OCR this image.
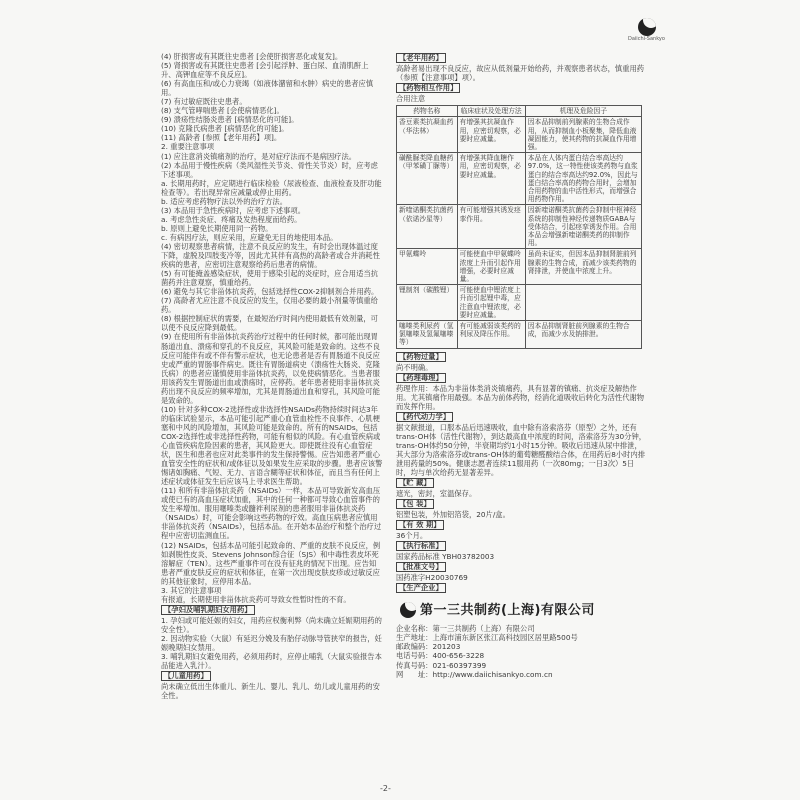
Daiichi-Sankyo

(4) 肝损害或有其既往史患者 [会使肝损害恶化或复发]。

(5) 肾损害或有其既往史患者 [会引起浮肿、蛋白尿、血清肌酐上升、高钾血症等不良反应]。

(6) 有高血压和/或心力衰竭（如液体潴留和水肿）病史的患者应慎用。

(7) 有过敏症既往史患者。

(8) 支气管哮喘患者 [会使病情恶化]。

(9) 溃疡性结肠炎患者 [病情恶化的可能]。

(10) 克隆氏病患者 [病情恶化的可能]。

(11) 高龄者 [参照【老年用药】项]。

2. 重要注意事项

(1) 应注意消炎镇痛剂的治疗，是对症疗法而不是病因疗法。

(2) 本品用于慢性疾病（类风湿性关节炎、骨性关节炎）时，应考虑下述事项。

a. 长期用药时，应定期进行临床检验（尿液检查、血液检查及肝功能检查等）。若出现异常应减量或停止用药。

b. 适应考虑药物疗法以外的治疗方法。

(3) 本品用于急性疾病时，应考虑下述事项。

a. 考虑急性炎症、疼痛及发热程度而给药。

b. 原则上避免长期使用同一药物。

c. 有病因疗法，则应采用，应避免无目的地使用本品。

(4) 密切观察患者病情，注意不良反应的发生，有时会出现体温过度下降，虚脱及四肢变冷等，因此尤其伴有高热的高龄者或合并消耗性疾病的患者，应密切注意观察给药后患者的病情。

(5) 有可能掩盖感染症状，使用于感染引起的炎症时，应合用适当抗菌药并注意观察，慎重给药。

(6) 避免与其它非甾体抗炎药，包括选择性COX-2抑制剂合并用药。

(7) 高龄者尤应注意不良反应的发生，仅用必要的最小剂量等慎重给药。

(8) 根据控制症状的需要，在最短治疗时间内使用最低有效剂量，可以使不良反应降到最低。

(9) 在使用所有非甾体抗炎药治疗过程中的任何时候，都可能出现胃肠道出血、溃疡和穿孔的不良反应，其风险可能是致命的。这些不良反应可能伴有或不伴有警示症状，也无论患者是否有胃肠道不良反应史或严重的胃肠事件病史。既往有胃肠道病史（溃疡性大肠炎、克隆氏病）的患者应谨慎使用非甾体抗炎药，以免使病情恶化。当患者服用该药发生胃肠道出血或溃疡时，应停药。老年患者使用非甾体抗炎药出现不良反应的频率增加，尤其是胃肠道出血和穿孔，其风险可能是致命的。

(10) 针对多种COX-2选择性或非选择性NSAIDs药物持续时间达3年的临床试验显示，本品可能引起严重心血管血栓性不良事件、心肌梗塞和中风的风险增加，其风险可能是致命的。所有的NSAIDs，包括COX-2选择性或非选择性药物，可能有相似的风险。有心血管疾病或心血管疾病危险因素的患者，其风险更大。即使既往没有心血管症状，医生和患者也应对此类事件的发生保持警惕。应告知患者严重心血管安全性的症状和/或体征以及如果发生应采取的步骤。患者应该警惕诸如胸痛、气短、无力、言语含糊等症状和体征，而且当有任何上述症状或体征发生后应该马上寻求医生帮助。

(11) 和所有非甾体抗炎药（NSAIDs）一样，本品可导致新发高血压或使已有的高血压症状加重，其中的任何一种都可导致心血管事件的发生率增加。服用噻嗪类或髓袢利尿剂的患者服用非甾体抗炎药（NSAIDs）时，可能会影响这些药物的疗效。高血压病患者应慎用非甾体抗炎药（NSAIDs），包括本品。在开始本品治疗和整个治疗过程中应密切监测血压。

(12) NSAIDs，包括本品可能引起致命的、严重的皮肤不良反应，例如剥脱性皮炎、Stevens Johnson综合征（SJS）和中毒性表皮坏死溶解症（TEN）。这些严重事件可在没有征兆的情况下出现。应告知患者严重皮肤反应的症状和体征，在第一次出现皮肤皮疹或过敏反应的其他征象时，应停用本品。

3. 其它的注意事项

有报道，长期使用非甾体抗炎药可导致女性暂时性的不育。

【孕妇及哺乳期妇女用药】

1. 孕妇或可能妊娠的妇女，用药应权衡利弊（尚未确立妊娠期用药的安全性）。

2. 因动物实验（大鼠）有延迟分娩及有胎仔动脉导管狭窄的报告，妊娠晚期妇女禁用。

3. 哺乳期妇女避免用药，必须用药时，应停止哺乳（大鼠实验报告本品能进入乳汁）。

【儿童用药】

尚未确立低出生体重儿、新生儿、婴儿、乳儿、幼儿或儿童用药的安全性。

【老年用药】

高龄者易出现不良反应，故应从低剂量开始给药，并观察患者状态，慎重用药（参照【注意事项】项）。

【药物相互作用】

合用注意

药物名称	临床症状及处理方法	机理及危险因子
香豆素类抗凝血药（华法林）	有增强其抗凝血作用，应密切观察，必要时应减量。	因本品抑制前列腺素的生物合成作用，从而抑制血小板聚集，降低血液凝固能力，使其药物的抗凝血作用增强。
磺酰脲类降血糖药（甲苯磺丁脲等）	有增强其降血糖作用，应密切观察，必要时应减量。	本品在人体内蛋白结合率高达约97.0%，这一特性使该类药物与血浆蛋白的结合率高达约92.0%，因此与蛋白结合率高的药物合用时，会增加合用药物的血中活性形式，而增强合用药物作用。
新喹诺酮类抗菌药（依诺沙星等）	有可能增强其诱发痉挛作用。	因新喹诺酮类抗菌药会抑制中枢神经系统的抑制性神经传递物质GABA与受体结合，引起痉挛诱发作用。合用本品会增强新喹诺酮类药的抑制作用。
甲氨蝶呤	可能使血中甲氨蝶呤浓度上升而引起作用增强，必要时应减量。	虽尚未证实，但因本品抑制肾脏前列腺素的生物合成，而减少该类药物的肾排泄，并使血中浓度上升。
锂制剂（碳酸锂）	可能使血中锂浓度上升而引起锂中毒，应注意血中锂浓度，必要时应减量。	
噻嗪类利尿药（氢氯噻嗪及氢氟噻嗪等）	有可能减弱该类药的利尿及降压作用。	因本品抑制肾脏前列腺素的生物合成，而减少水及钠排泄。
【药物过量】

尚不明确。

【药理毒理】

药理作用：本品为非甾体类消炎镇痛药，具有显著的镇痛、抗炎症及解热作用。尤其镇痛作用最强。本品为前体药物，经消化道吸收后转化为活性代谢物而发挥作用。

【药代动力学】

据文献报道，口服本品后迅速吸收，血中除有洛索洛芬（原型）之外，还有trans-OH体（活性代谢物），到达最高血中浓度的时间，洛索洛芬为30分钟，trans-OH体约50分钟，半衰期均约1小时15分钟。吸收后迅速从尿中排泄，其大部分为洛索洛芬或trans-OH体的葡萄糖醛酸结合体，在用药后8小时内排泄用药量的50%。健康志愿者连续11服用药（一次80mg；一日3次）5日时，均与单次给药无显著差异。

【贮 藏】

遮光，密封，室温保存。

【包 装】

铝塑包装，外加铝箔袋，20片/盒。

【有 效 期】

36个月。

【执行标准】

国家药品标准 YBH03782003

【批准文号】

国药准字H20030769

【生产企业】
第一三共制药(上海)有限公司

企业名称：第一三共制药（上海）有限公司

生产地址：上海市浦东新区张江高科技园区居里路500号

邮政编码：201203

电话号码：400-656-3228

传真号码：021-60397399

网　　址：http://www.daiichisankyo.com.cn

-2-
